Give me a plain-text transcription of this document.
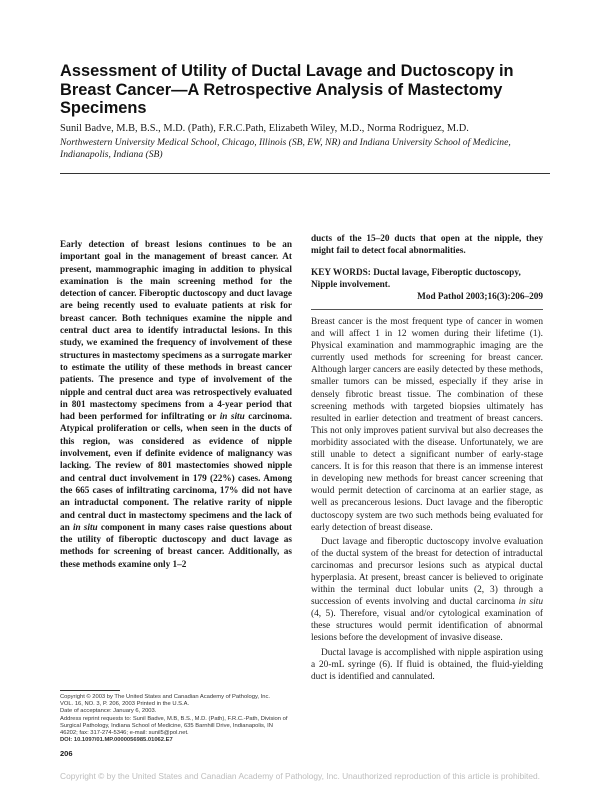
Assessment of Utility of Ductal Lavage and Ductoscopy in Breast Cancer—A Retrospective Analysis of Mastectomy Specimens
Sunil Badve, M.B, B.S., M.D. (Path), F.R.C.Path, Elizabeth Wiley, M.D., Norma Rodriguez, M.D.
Northwestern University Medical School, Chicago, Illinois (SB, EW, NR) and Indiana University School of Medicine, Indianapolis, Indiana (SB)
Early detection of breast lesions continues to be an important goal in the management of breast cancer. At present, mammographic imaging in addition to physical examination is the main screening method for the detection of cancer. Fiberoptic ductoscopy and duct lavage are being recently used to evaluate patients at risk for breast cancer. Both techniques examine the nipple and central duct area to identify intraductal lesions. In this study, we examined the frequency of involvement of these structures in mastectomy specimens as a surrogate marker to estimate the utility of these methods in breast cancer patients. The presence and type of involvement of the nipple and central duct area was retrospectively evaluated in 801 mastectomy specimens from a 4-year period that had been performed for infiltrating or in situ carcinoma. Atypical proliferation or cells, when seen in the ducts of this region, was considered as evidence of nipple involvement, even if definite evidence of malignancy was lacking. The review of 801 mastectomies showed nipple and central duct involvement in 179 (22%) cases. Among the 665 cases of infiltrating carcinoma, 17% did not have an intraductal component. The relative rarity of nipple and central duct in mastectomy specimens and the lack of an in situ component in many cases raise questions about the utility of fiberoptic ductoscopy and duct lavage as methods for screening of breast cancer. Additionally, as these methods examine only 1–2
ducts of the 15–20 ducts that open at the nipple, they might fail to detect focal abnormalities.
KEY WORDS: Ductal lavage, Fiberoptic ductoscopy, Nipple involvement.
Mod Pathol 2003;16(3):206–209

Breast cancer is the most frequent type of cancer in women and will affect 1 in 12 women during their lifetime (1). Physical examination and mammographic imaging are the currently used methods for screening for breast cancer. Although larger cancers are easily detected by these methods, smaller tumors can be missed, especially if they arise in densely fibrotic breast tissue. The combination of these screening methods with targeted biopsies ultimately has resulted in earlier detection and treatment of breast cancers. This not only improves patient survival but also decreases the morbidity associated with the disease. Unfortunately, we are still unable to detect a significant number of early-stage cancers. It is for this reason that there is an immense interest in developing new methods for breast cancer screening that would permit detection of carcinoma at an earlier stage, as well as precancerous lesions. Duct lavage and the fiberoptic ductoscopy system are two such methods being evaluated for early detection of breast disease.

Duct lavage and fiberoptic ductoscopy involve evaluation of the ductal system of the breast for detection of intraductal carcinomas and precursor lesions such as atypical ductal hyperplasia. At present, breast cancer is believed to originate within the terminal duct lobular units (2, 3) through a succession of events involving and ductal carcinoma in situ (4, 5). Therefore, visual and/or cytological examination of these structures would permit identification of abnormal lesions before the development of invasive disease.

Ductal lavage is accomplished with nipple aspiration using a 20-mL syringe (6). If fluid is obtained, the fluid-yielding duct is identified and cannulated.

Copyright © 2003 by The United States and Canadian Academy of Pathology, Inc.
VOL. 16, NO. 3, P. 206, 2003 Printed in the U.S.A.
Date of acceptance: January 6, 2003.
Address reprint requests to: Sunil Badve, M.B, B.S., M.D. (Path), F.R.C.-Path, Division of Surgical Pathology, Indiana School of Medicine, 635 Barnhill Drive, Indianapolis, IN 46202; fax: 317-274-5346; e-mail: sunil5@pol.net.
DOI: 10.1097/01.MP.0000056985.01062.E7
206
Copyright © by the United States and Canadian Academy of Pathology, Inc. Unauthorized reproduction of this article is prohibited.
